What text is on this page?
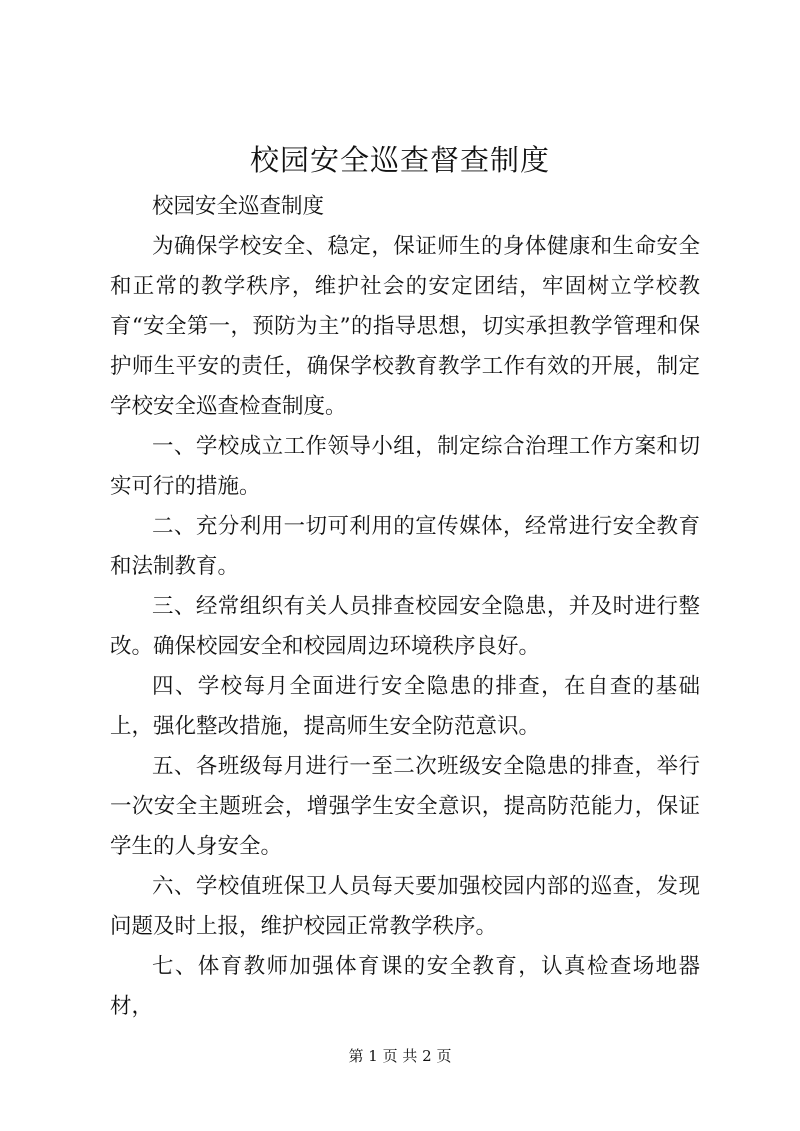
校园安全巡查督查制度

校园安全巡查制度

为确保学校安全、稳定，保证师生的身体健康和生命安全和正常的教学秩序，维护社会的安定团结，牢固树立学校教育“安全第一，预防为主”的指导思想，切实承担教学管理和保护师生平安的责任，确保学校教育教学工作有效的开展，制定学校安全巡查检查制度。

一、学校成立工作领导小组，制定综合治理工作方案和切实可行的措施。

二、充分利用一切可利用的宣传媒体，经常进行安全教育和法制教育。

三、经常组织有关人员排查校园安全隐患，并及时进行整改。确保校园安全和校园周边环境秩序良好。

四、学校每月全面进行安全隐患的排查，在自查的基础上，强化整改措施，提高师生安全防范意识。

五、各班级每月进行一至二次班级安全隐患的排查，举行一次安全主题班会，增强学生安全意识，提高防范能力，保证学生的人身安全。

六、学校值班保卫人员每天要加强校园内部的巡查，发现问题及时上报，维护校园正常教学秩序。

七、体育教师加强体育课的安全教育，认真检查场地器材，

第 1 页 共 2 页
